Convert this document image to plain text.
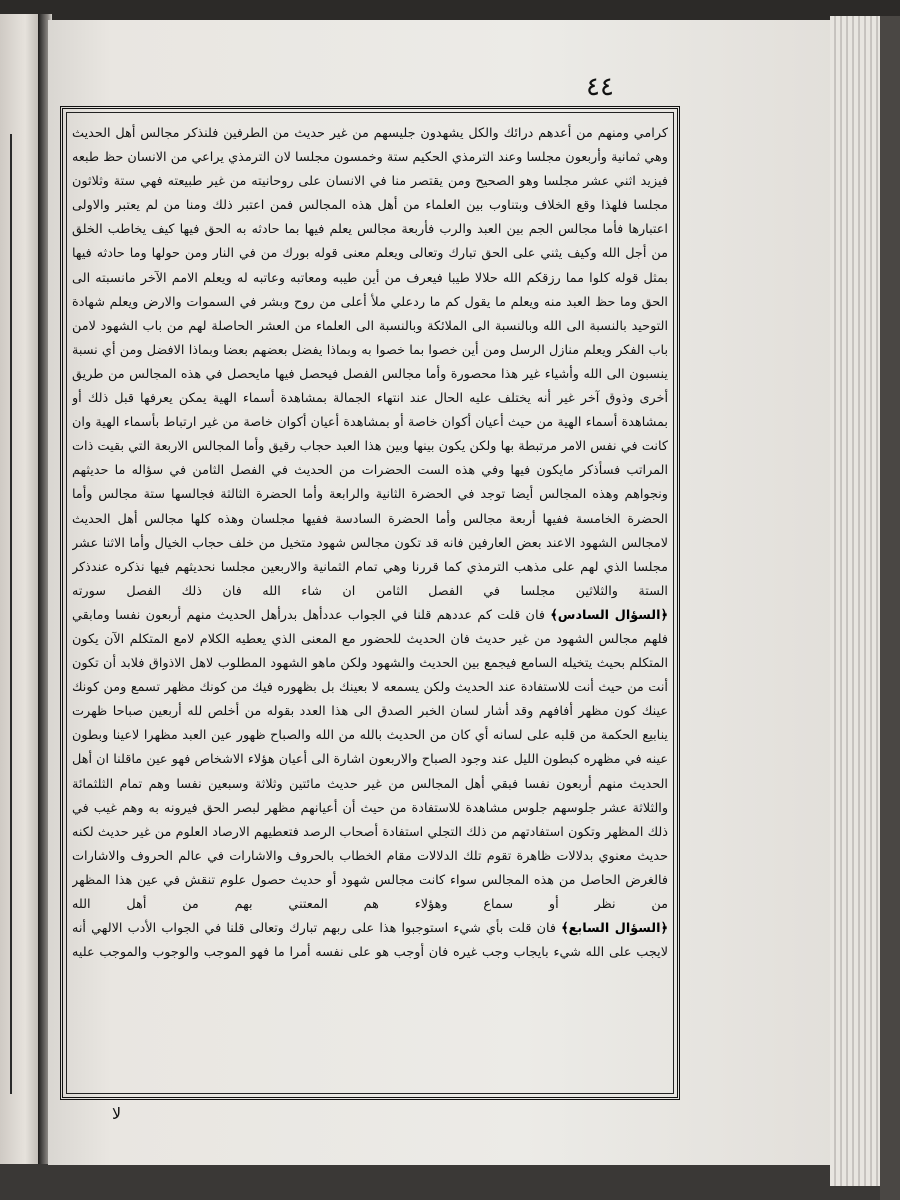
٤٤

كرامي ومنهم من أعدهم درائك والكل يشهدون جليسهم من غير حديث من الطرفين فلنذكر مجالس أهل الحديث وهي ثمانية وأربعون مجلسا وعند الترمذي الحكيم ستة وخمسون مجلسا لان الترمذي يراعي من الانسان حظ طبعه فيزيد اثني عشر مجلسا وهو الصحيح ومن يقتصر منا في الانسان على روحانيته من غير طبيعته فهي ستة وثلاثون مجلسا فلهذا وقع الخلاف وبتناوب بين العلماء من أهل هذه المجالس فمن اعتبر ذلك ومنا من لم يعتبر والاولى اعتبارها فأما مجالس الجم بين العبد والرب فأربعة مجالس يعلم فيها بما حادثه به الحق فيها كيف يخاطب الخلق من أجل الله وكيف يثني على الحق تبارك وتعالى ويعلم معنى قوله بورك من في النار ومن حولها وما حادثه فيها بمثل قوله كلوا مما رزقكم الله حلالا طيبا فيعرف من أين طيبه ومعاتبه وعاتبه له ويعلم الامم الآخر مانسبته الى الحق وما حظ العبد منه ويعلم ما يقول كم ما ردعلي ملأ أعلى من روح وبشر في السموات والارض ويعلم شهادة التوحيد بالنسبة الى الله وبالنسبة الى الملائكة وبالنسبة الى العلماء من العشر الحاصلة لهم من باب الشهود لامن باب الفكر ويعلم منازل الرسل ومن أين خصوا بما خصوا به وبماذا يفضل بعضهم بعضا وبماذا الافضل ومن أي نسبة ينسبون الى الله وأشياء غير هذا محصورة وأما مجالس الفصل فيحصل فيها مايحصل في هذه المجالس من طريق أخرى وذوق آخر غير أنه يختلف عليه الحال عند انتهاء الجمالة بمشاهدة أسماء الهية يمكن يعرفها قبل ذلك أو بمشاهدة أسماء الهية من حيث أعيان أكوان خاصة أو بمشاهدة أعيان أكوان خاصة من غير ارتباط بأسماء الهية وان كانت في نفس الامر مرتبطة بها ولكن يكون بينها وبين هذا العبد حجاب رقيق وأما المجالس الاربعة التي بقيت ذات المراتب فسأذكر مايكون فيها وفي هذه الست الحضرات من الحديث في الفصل الثامن في سؤاله ما حديثهم ونجواهم وهذه المجالس أيضا توجد في الحضرة الثانية والرابعة وأما الحضرة الثالثة فجالسها ستة مجالس وأما الحضرة الخامسة ففيها أربعة مجالس وأما الحضرة السادسة ففيها مجلسان وهذه كلها مجالس أهل الحديث لامجالس الشهود الاعند بعض العارفين فانه قد تكون مجالس شهود متخيل من خلف حجاب الخيال وأما الاثنا عشر مجلسا الذي لهم على مذهب الترمذي كما قررنا وهي تمام الثمانية والاربعين مجلسا نحديثهم فيها نذكره عندذكر الستة والثلاثين مجلسا في الفصل الثامن ان شاء الله فان ذلك الفصل سورته

﴿السؤال السادس﴾ فان قلت كم عددهم قلنا في الجواب عددأهل بدرأهل الحديث منهم أربعون نفسا ومابقي فلهم مجالس الشهود من غير حديث فان الحديث للحضور مع المعنى الذي يعطيه الكلام لامع المتكلم الآن يكون المتكلم بحيث يتخيله السامع فيجمع بين الحديث والشهود ولكن ماهو الشهود المطلوب لاهل الاذواق فلابد أن تكون أنت من حيث أنت للاستفادة عند الحديث ولكن يسمعه لا بعينك بل بظهوره فيك من كونك مظهر تسمع ومن كونك عينك كون مظهر أفافهم وقد أشار لسان الخبر الصدق الى هذا العدد بقوله من أخلص لله أربعين صباحا ظهرت ينابيع الحكمة من قلبه على لسانه أي كان من الحديث بالله من الله والصباح ظهور عين العبد مظهرا لاعينا وبطون عينه في مظهره كبطون الليل عند وجود الصباح والاربعون اشارة الى أعيان هؤلاء الاشخاص فهو عين ماقلنا ان أهل الحديث منهم أربعون نفسا فبقي أهل المجالس من غير حديث مائتين وثلاثة وسبعين نفسا وهم تمام الثلثمائة والثلاثة عشر جلوسهم جلوس مشاهدة للاستفادة من حيث أن أعيانهم مظهر لبصر الحق فيرونه به وهم غيب في ذلك المظهر وتكون استفادتهم من ذلك التجلي استفادة أصحاب الرصد فتعطيهم الارصاد العلوم من غير حديث لكنه حديث معنوي بدلالات ظاهرة تقوم تلك الدلالات مقام الخطاب بالحروف والاشارات في عالم الحروف والاشارات فالغرض الحاصل من هذه المجالس سواء كانت مجالس شهود أو حديث حصول علوم تنقش في عين هذا المظهر من نظر أو سماع وهؤلاء هم المعتني بهم من أهل الله

﴿السؤال السابع﴾ فان قلت بأي شيء استوجبوا هذا على ربهم تبارك وتعالى قلنا في الجواب الأدب الالهي أنه لايجب على الله شيء بايجاب وجب غيره فان أوجب هو على نفسه أمرا ما فهو الموجب والوجوب والموجب عليه

لا
